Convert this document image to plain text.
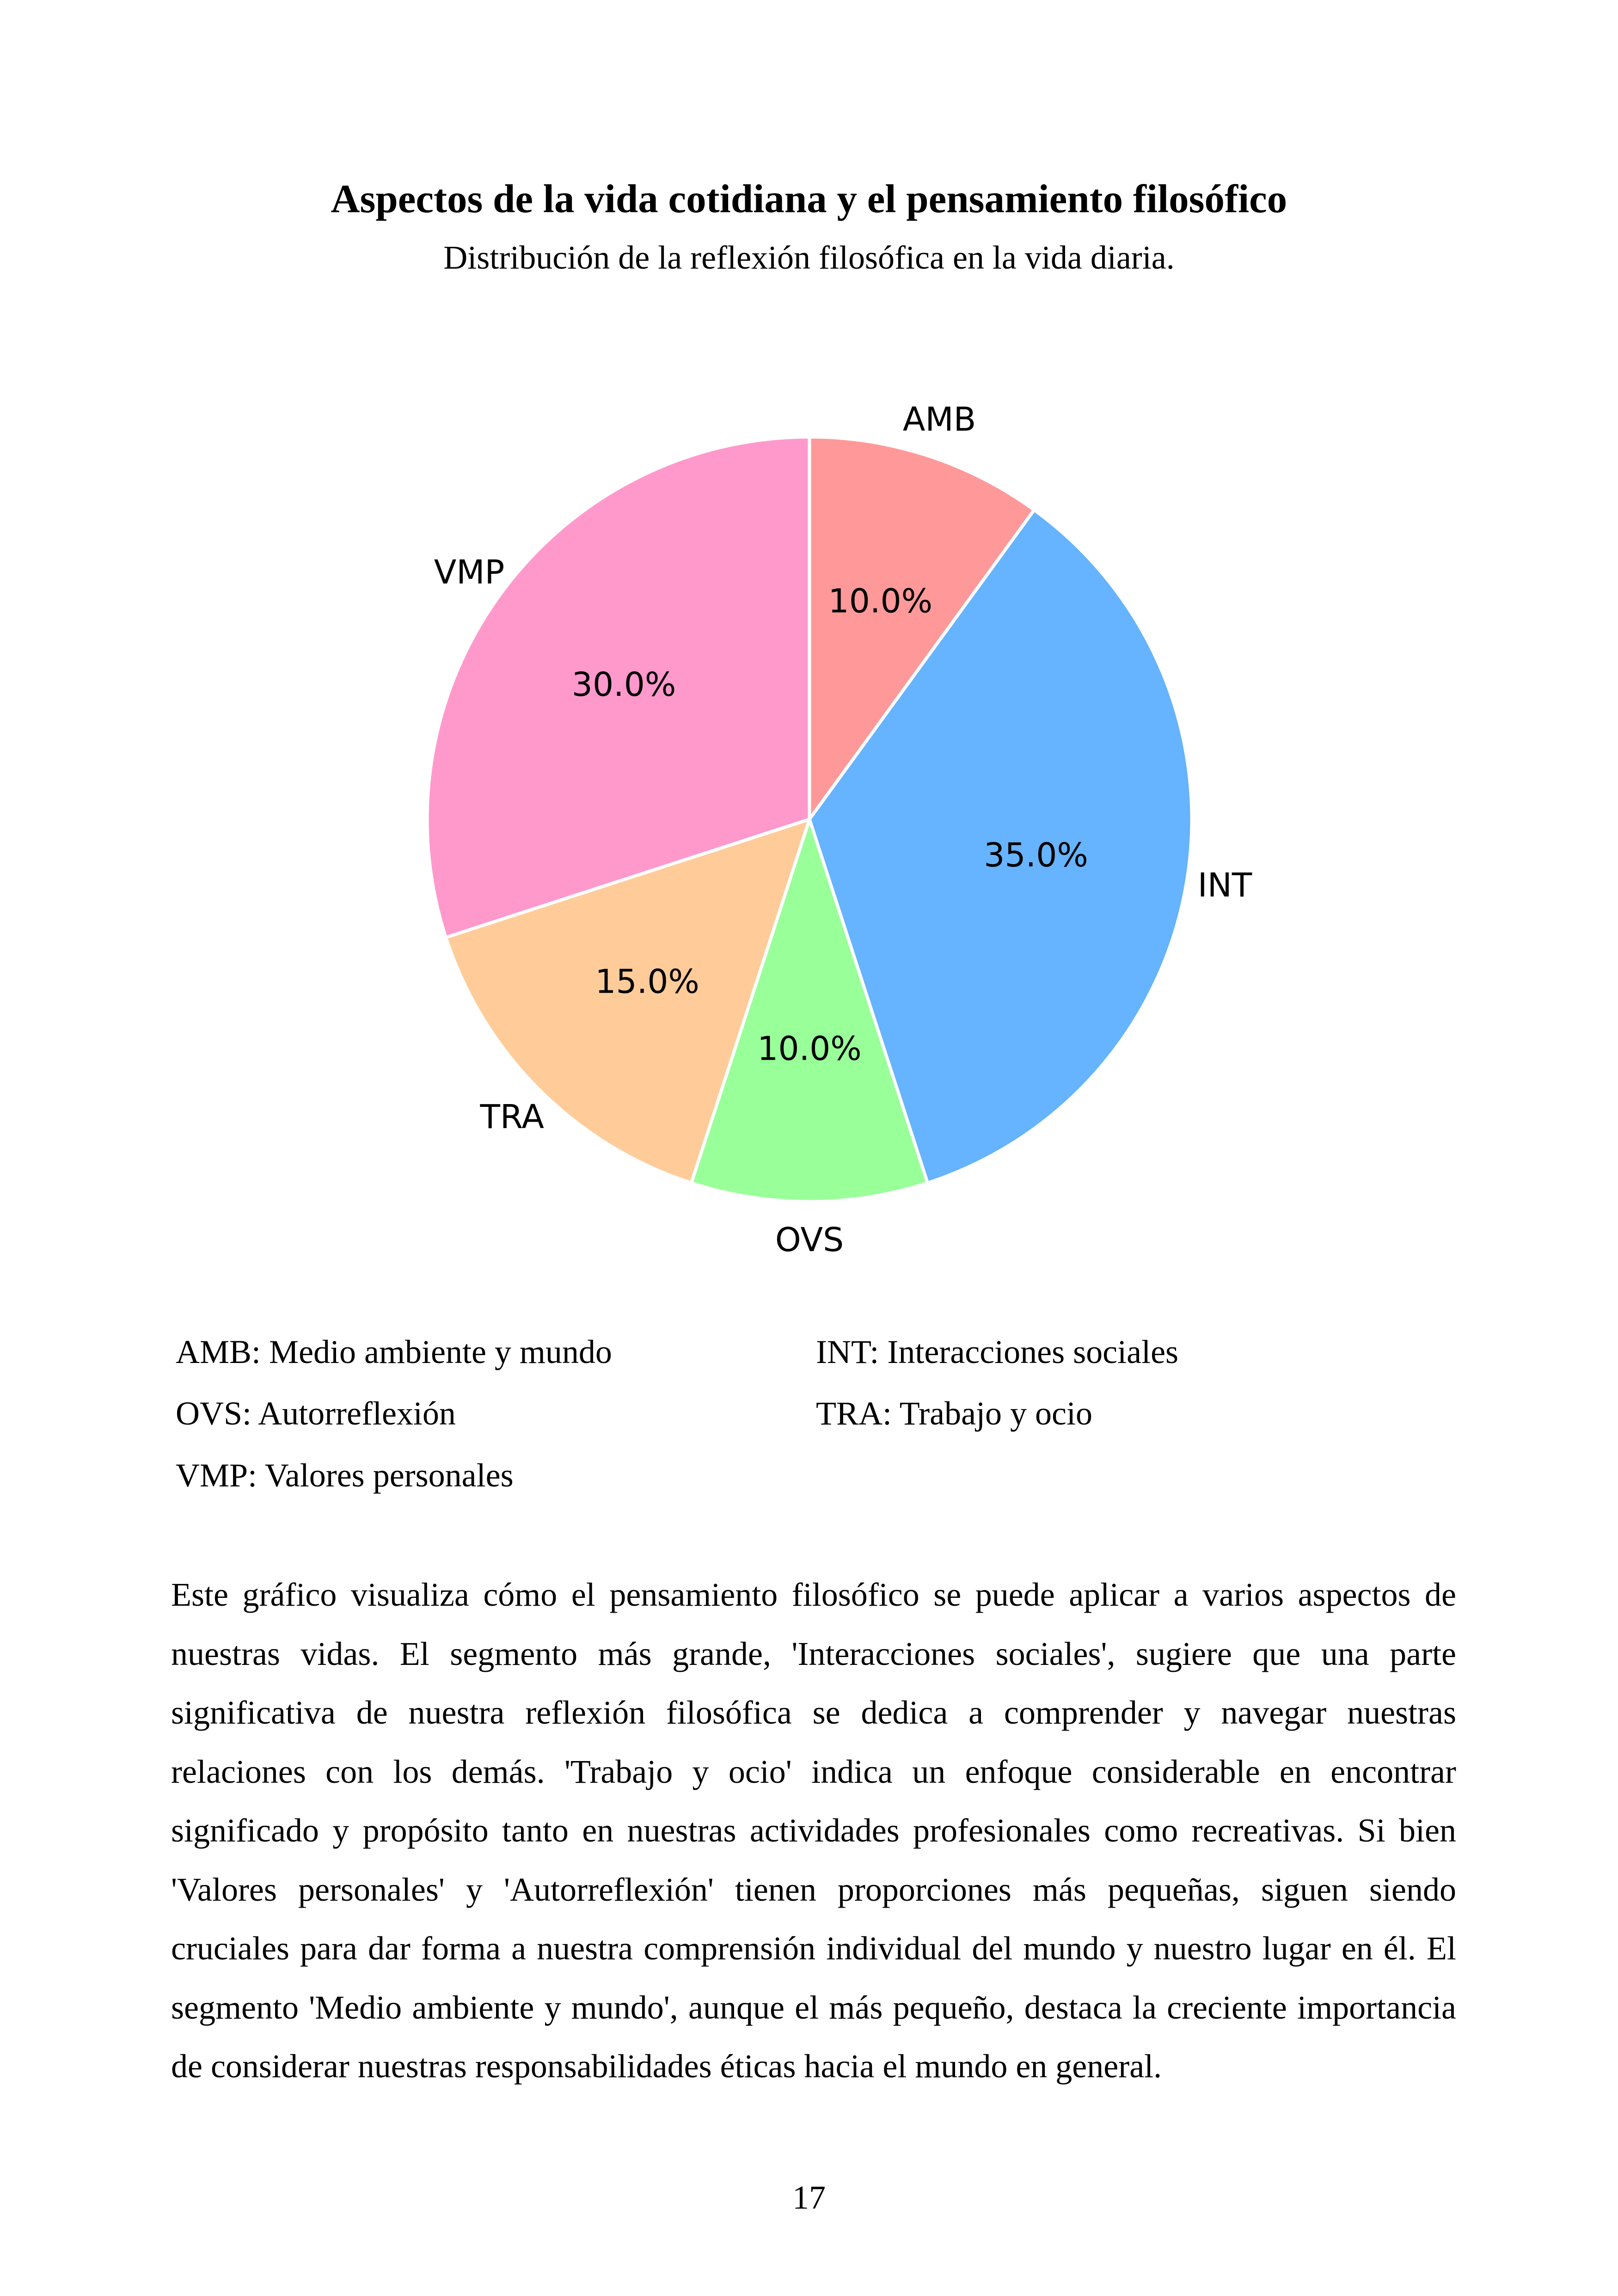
Aspectos de la vida cotidiana y el pensamiento filosófico
Distribución de la reflexión filosófica en la vida diaria.
10.0%
AMB
35.0%
INT
10.0%
OVS
15.0%
TRA
30.0%
VMP
AMB: Medio ambiente y mundo	INT: Interacciones sociales
OVS: Autorreflexión	TRA: Trabajo y ocio
VMP: Valores personales

Este gráfico visualiza cómo el pensamiento filosófico se puede aplicar a varios aspectos de nuestras vidas. El segmento más grande, 'Interacciones sociales', sugiere que una parte significativa de nuestra reflexión filosófica se dedica a comprender y navegar nuestras relaciones con los demás. 'Trabajo y ocio' indica un enfoque considerable en encontrar significado y propósito tanto en nuestras actividades profesionales como recreativas. Si bien 'Valores personales' y 'Autorreflexión' tienen proporciones más pequeñas, siguen siendo cruciales para dar forma a nuestra comprensión individual del mundo y nuestro lugar en él. El segmento 'Medio ambiente y mundo', aunque el más pequeño, destaca la creciente importancia de considerar nuestras responsabilidades éticas hacia el mundo en general.

17
